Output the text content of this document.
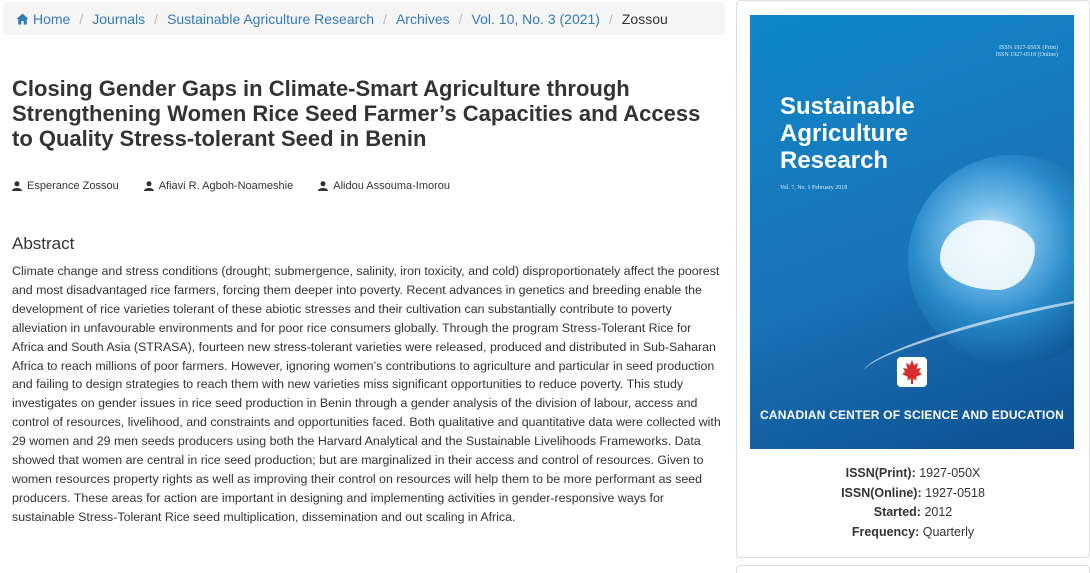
Home / Journals / Sustainable Agriculture Research / Archives / Vol. 10, No. 3 (2021) / Zossou
Closing Gender Gaps in Climate-Smart Agriculture through Strengthening Women Rice Seed Farmer’s Capacities and Access to Quality Stress-tolerant Seed in Benin
Esperance Zossou	Afiavi R. Agboh-Noameshie	Alidou Assouma-Imorou
Abstract

Climate change and stress conditions (drought; submergence, salinity, iron toxicity, and cold) disproportionately affect the poorest and most disadvantaged rice farmers, forcing them deeper into poverty. Recent advances in genetics and breeding enable the development of rice varieties tolerant of these abiotic stresses and their cultivation can substantially contribute to poverty alleviation in unfavourable environments and for poor rice consumers globally. Through the program Stress-Tolerant Rice for Africa and South Asia (STRASA), fourteen new stress-tolerant varieties were released, produced and distributed in Sub-Saharan Africa to reach millions of poor farmers. However, ignoring women’s contributions to agriculture and particular in seed production and failing to design strategies to reach them with new varieties miss significant opportunities to reduce poverty. This study investigates on gender issues in rice seed production in Benin through a gender analysis of the division of labour, access and control of resources, livelihood, and constraints and opportunities faced. Both qualitative and quantitative data were collected with 29 women and 29 men seeds producers using both the Harvard Analytical and the Sustainable Livelihoods Frameworks. Data showed that women are central in rice seed production; but are marginalized in their access and control of resources. Given to women resources property rights as well as improving their control on resources will help them to be more performant as seed producers. These areas for action are important in designing and implementing activities in gender-responsive ways for sustainable Stress-Tolerant Rice seed multiplication, dissemination and out scaling in Africa.

ISSN 1927-050X (Print)
ISSN 1927-0518 (Online)
Sustainable
Agriculture
Research
Vol. 7, No. 1 February 2018
CANADIAN CENTER OF SCIENCE AND EDUCATION
ISSN(Print): 1927-050X
ISSN(Online): 1927-0518
Started: 2012
Frequency: Quarterly
